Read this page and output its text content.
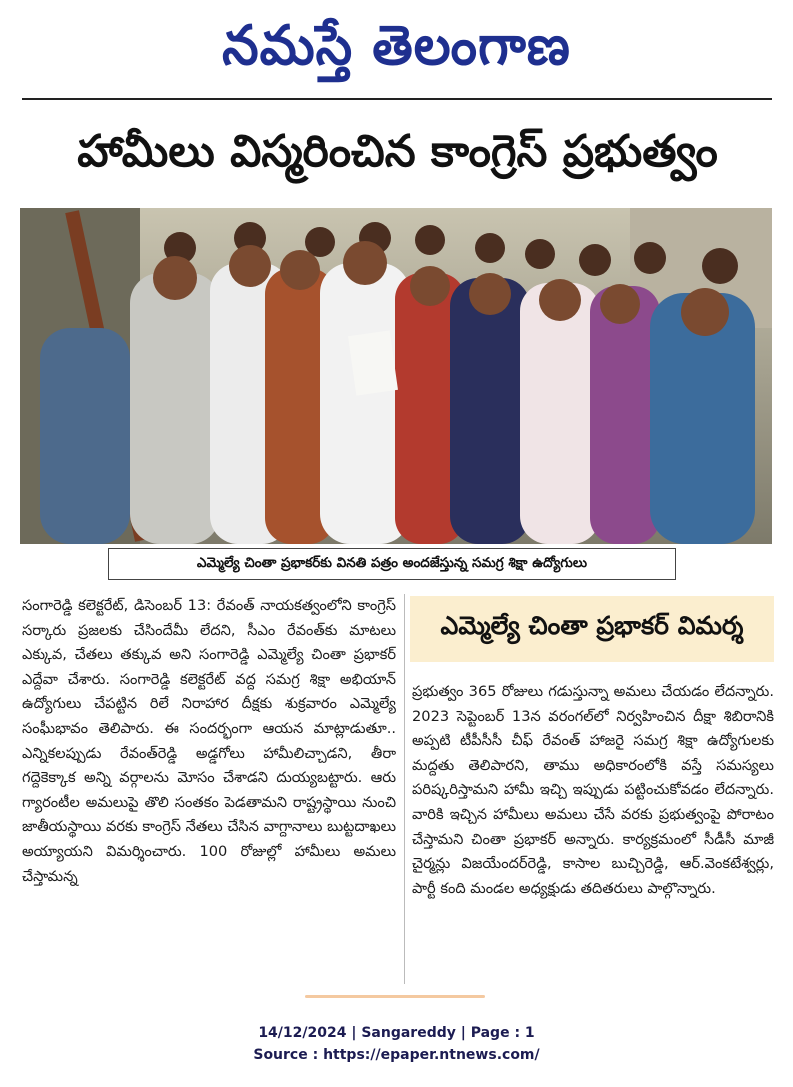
నమస్తే తెలంగాణ
హామీలు విస్మరించిన కాంగ్రెస్ ప్రభుత్వం
ఎమ్మెల్యే చింతా ప్రభాకర్‌కు వినతి పత్రం అందజేస్తున్న సమగ్ర శిక్షా ఉద్యోగులు

సంగారెడ్డి కలెక్టరేట్, డిసెంబర్ 13: రేవంత్ నాయకత్వంలోని కాంగ్రెస్ సర్కారు ప్రజలకు చేసిందేమీ లేదని, సీఎం రేవంత్‌కు మాటలు ఎక్కువ, చేతలు తక్కువ అని సంగారెడ్డి ఎమ్మెల్యే చింతా ప్రభాకర్ ఎద్దేవా చేశారు. సంగారెడ్డి కలెక్టరేట్ వద్ద సమగ్ర శిక్షా అభియాన్ ఉద్యోగులు చేపట్టిన రిలే నిరాహార దీక్షకు శుక్రవారం ఎమ్మెల్యే సంఘీభావం తెలిపారు. ఈ సందర్భంగా ఆయన మాట్లాడుతూ.. ఎన్నికలప్పుడు రేవంత్‌రెడ్డి అడ్డగోలు హామీలిచ్చాడని, తీరా గద్దెకెక్కాక అన్ని వర్గాలను మోసం చేశాడని దుయ్యబట్టారు. ఆరు గ్యారంటీల అమలుపై తొలి సంతకం పెడతామని రాష్ట్రస్థాయి నుంచి జాతీయస్థాయి వరకు కాంగ్రెస్ నేతలు చేసిన వాగ్దానాలు బుట్టదాఖలు అయ్యాయని విమర్శించారు. 100 రోజుల్లో హామీలు అమలు చేస్తామన్న

ఎమ్మెల్యే చింతా ప్రభాకర్ విమర్శ

ప్రభుత్వం 365 రోజులు గడుస్తున్నా అమలు చేయడం లేదన్నారు. 2023 సెప్టెంబర్ 13న వరంగల్‌లో నిర్వహించిన దీక్షా శిబిరానికి అప్పటి టీపీసీసీ చీఫ్ రేవంత్ హాజరై సమగ్ర శిక్షా ఉద్యోగులకు మద్దతు తెలిపారని, తాము అధికారంలోకి వస్తే సమస్యలు పరిష్కరిస్తామని హామీ ఇచ్చి ఇప్పుడు పట్టించుకోవడం లేదన్నారు. వారికి ఇచ్చిన హామీలు అమలు చేసే వరకు ప్రభుత్వంపై పోరాటం చేస్తామని చింతా ప్రభాకర్ అన్నారు. కార్యక్రమంలో సీడీసీ మాజీ చైర్మన్లు విజయేందర్‌రెడ్డి, కాసాల బుచ్చిరెడ్డి, ఆర్.వెంకటేశ్వర్లు, పార్టీ కంది మండల అధ్యక్షుడు తదితరులు పాల్గొన్నారు.

14/12/2024 | Sangareddy | Page : 1
Source : https://epaper.ntnews.com/
